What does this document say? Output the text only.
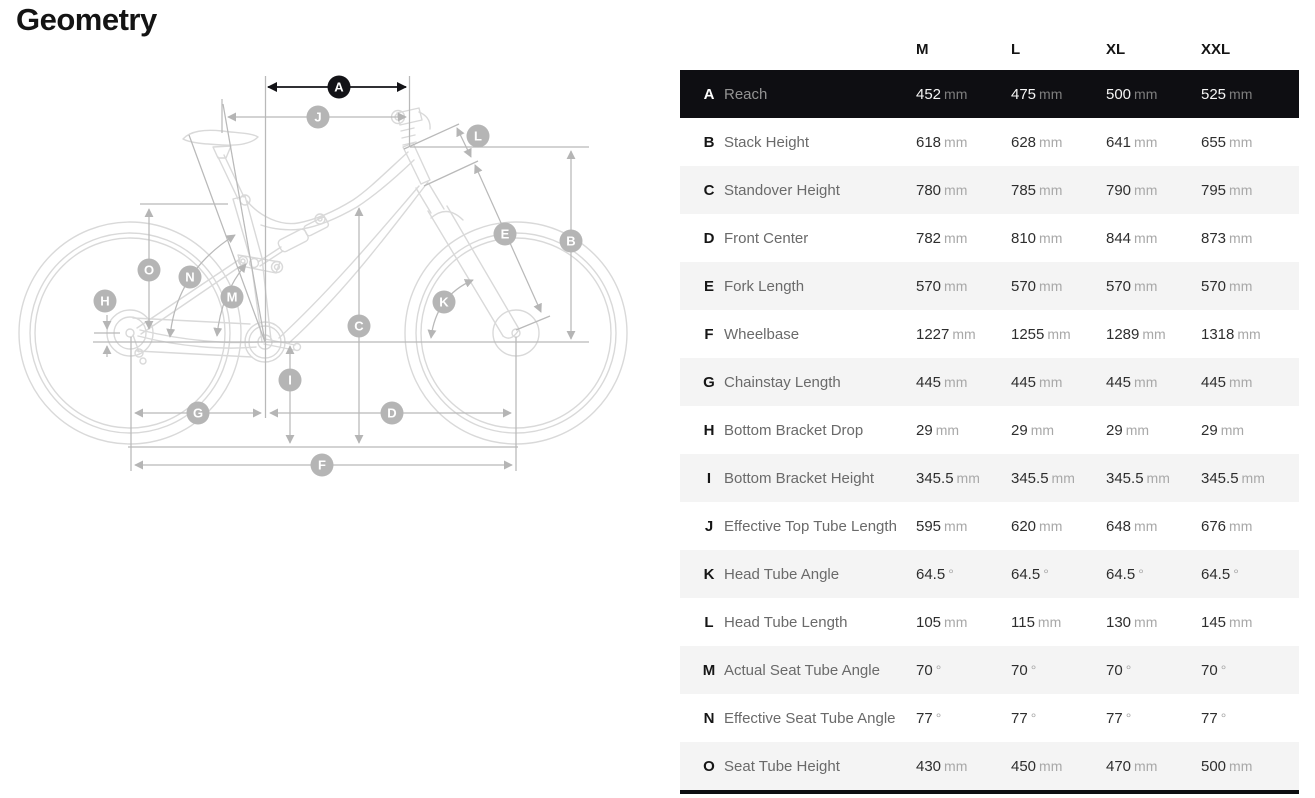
Geometry
A
B
C
D
E
F
G
H
I
J
K
L
M
N
O
M	L	XL	XXL
A Reach	452 mm	475 mm	500 mm	525 mm
B Stack Height	618 mm	628 mm	641 mm	655 mm
C Standover Height	780 mm	785 mm	790 mm	795 mm
D Front Center	782 mm	810 mm	844 mm	873 mm
E Fork Length	570 mm	570 mm	570 mm	570 mm
F Wheelbase	1227 mm	1255 mm	1289 mm	1318 mm
G Chainstay Length	445 mm	445 mm	445 mm	445 mm
H Bottom Bracket Drop	29 mm	29 mm	29 mm	29 mm
I Bottom Bracket Height	345.5 mm	345.5 mm	345.5 mm	345.5 mm
J Effective Top Tube Length	595 mm	620 mm	648 mm	676 mm
K Head Tube Angle	64.5 °	64.5 °	64.5 °	64.5 °
L Head Tube Length	105 mm	115 mm	130 mm	145 mm
M Actual Seat Tube Angle	70 °	70 °	70 °	70 °
N Effective Seat Tube Angle	77 °	77 °	77 °	77 °
O Seat Tube Height	430 mm	450 mm	470 mm	500 mm
